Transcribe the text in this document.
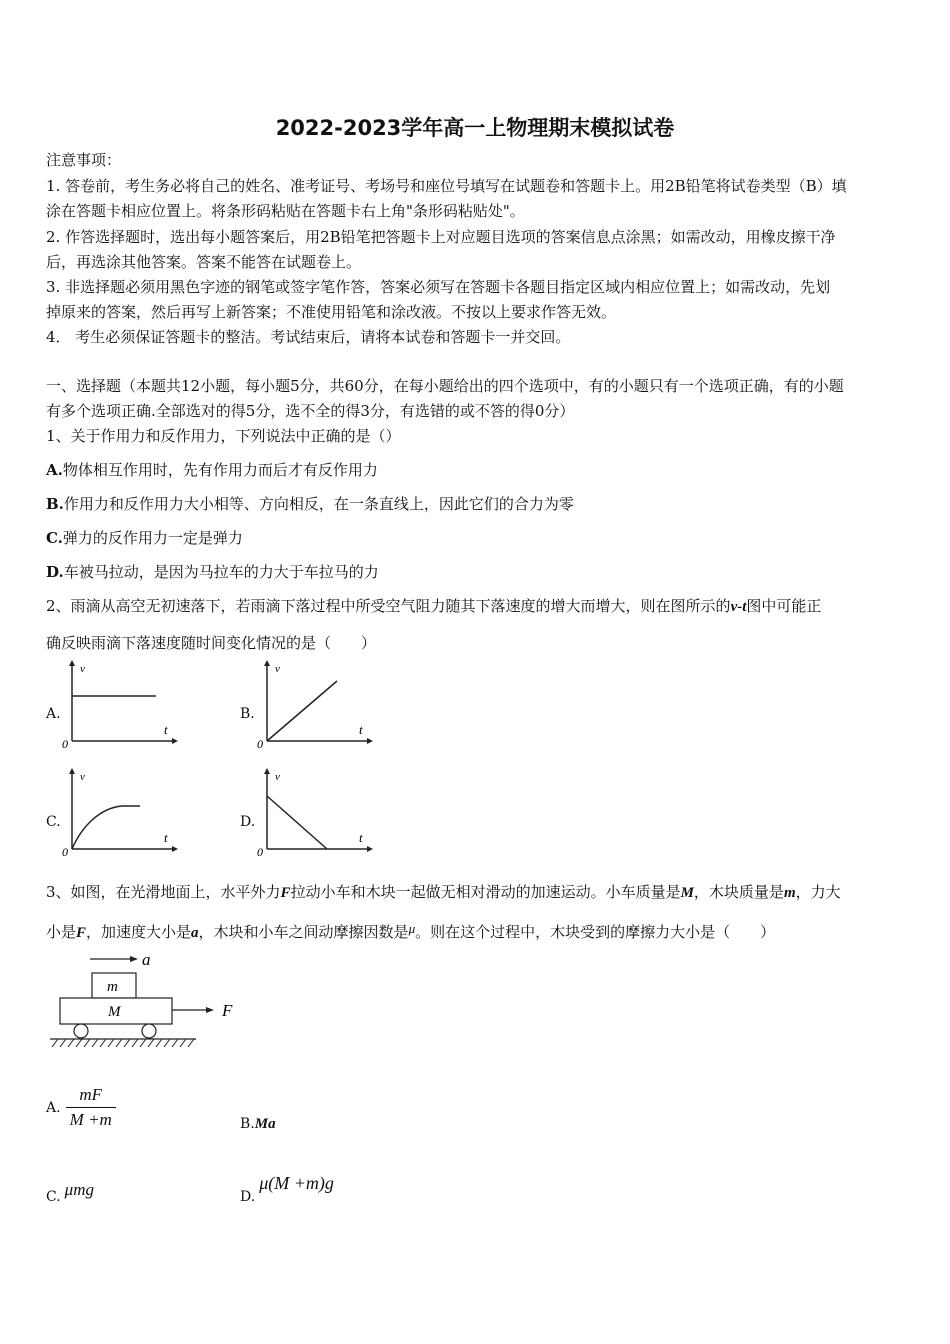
2022-2023学年高一上物理期末模拟试卷
注意事项：
1. 答卷前，考生务必将自己的姓名、准考证号、考场号和座位号填写在试题卷和答题卡上。用2B铅笔将试卷类型（B）填
涂在答题卡相应位置上。将条形码粘贴在答题卡右上角"条形码粘贴处"。
2. 作答选择题时，选出每小题答案后，用2B铅笔把答题卡上对应题目选项的答案信息点涂黑；如需改动，用橡皮擦干净
后，再选涂其他答案。答案不能答在试题卷上。
3. 非选择题必须用黑色字迹的钢笔或签字笔作答，答案必须写在答题卡各题目指定区域内相应位置上；如需改动，先划
掉原来的答案，然后再写上新答案；不准使用铅笔和涂改液。不按以上要求作答无效。
4． 考生必须保证答题卡的整洁。考试结束后，请将本试卷和答题卡一并交回。
一、选择题（本题共12小题，每小题5分，共60分，在每小题给出的四个选项中，有的小题只有一个选项正确，有的小题
有多个选项正确.全部选对的得5分，选不全的得3分，有选错的或不答的得0分）
1、关于作用力和反作用力，下列说法中正确的是（）
A.物体相互作用时，先有作用力而后才有反作用力
B.作用力和反作用力大小相等、方向相反，在一条直线上，因此它们的合力为零
C.弹力的反作用力一定是弹力
D.车被马拉动，是因为马拉车的力大于车拉马的力
2、雨滴从高空无初速落下，若雨滴下落过程中所受空气阻力随其下落速度的增大而增大，则在图所示的v-t图中可能正
确反映雨滴下落速度随时间变化情况的是（　　）
A.	B.
C.	D.
v
t
0
v
t
0
v
t
0
v
t
0
3、如图，在光滑地面上，水平外力F拉动小车和木块一起做无相对滑动的加速运动。小车质量是M，木块质量是m，力大
小是F，加速度大小是a，木块和小车之间动摩擦因数是μ。则在这个过程中，木块受到的摩擦力大小是（　　）
a
m
M	F
A. $\frac{mF}{M +m}$	B.Ma
C. μmg	D.μ(M +m)g
